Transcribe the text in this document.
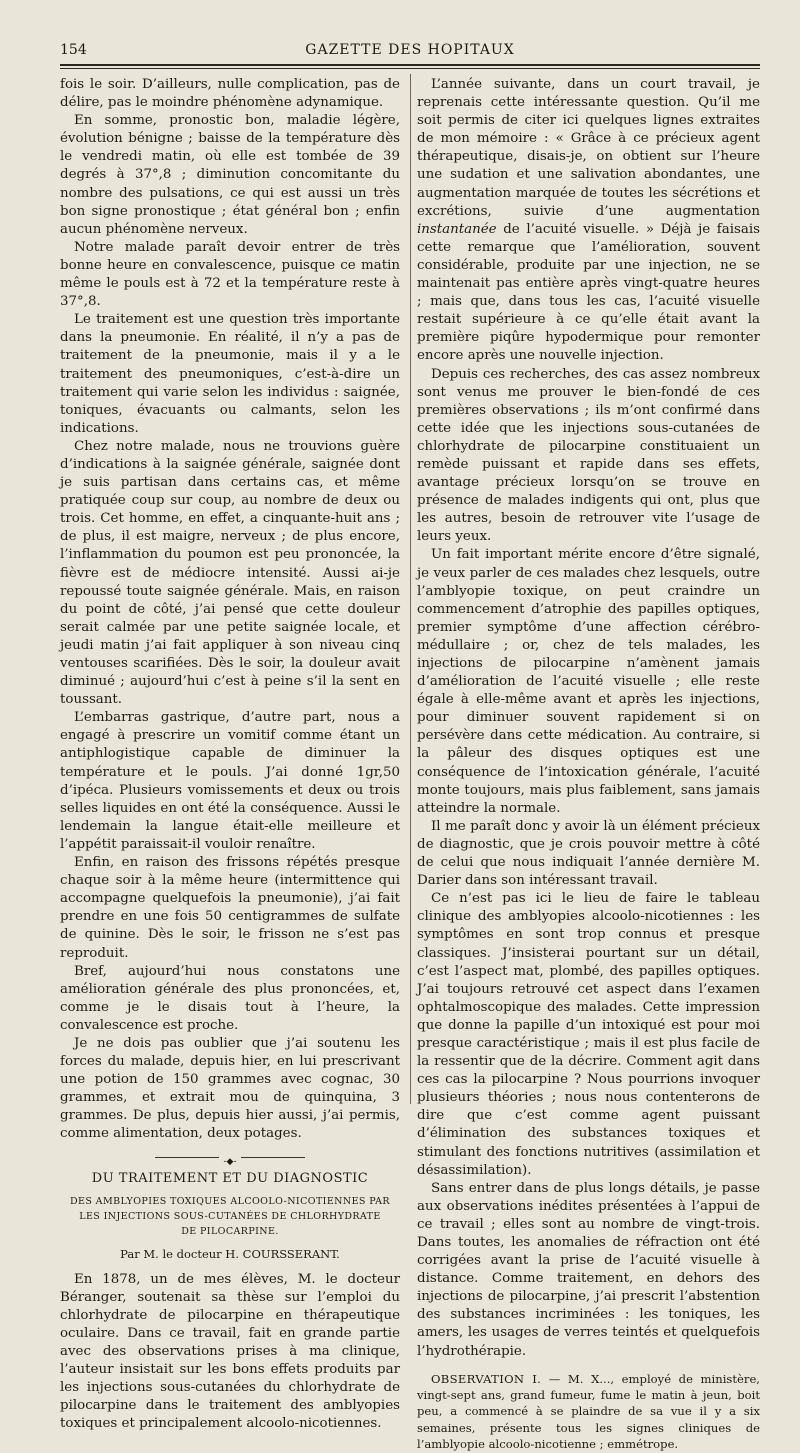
154	GAZETTE DES HOPITAUX

fois le soir. D’ailleurs, nulle complication, pas de délire, pas le moindre phénomène adynamique.

En somme, pronostic bon, maladie légère, évolution bénigne ; baisse de la température dès le vendredi matin, où elle est tombée de 39 degrés à 37°,8 ; diminution concomitante du nombre des pulsations, ce qui est aussi un très bon signe pronostique ; état général bon ; enfin aucun phénomène nerveux.

Notre malade paraît devoir entrer de très bonne heure en convalescence, puisque ce matin même le pouls est à 72 et la température reste à 37°,8.

Le traitement est une question très importante dans la pneumonie. En réalité, il n’y a pas de traitement de la pneumonie, mais il y a le traitement des pneumoniques, c’est-à-dire un traitement qui varie selon les individus : saignée, toniques, évacuants ou calmants, selon les indications.

Chez notre malade, nous ne trouvions guère d’indications à la saignée générale, saignée dont je suis partisan dans certains cas, et même pratiquée coup sur coup, au nombre de deux ou trois. Cet homme, en effet, a cinquante-huit ans ; de plus, il est maigre, nerveux ; de plus encore, l’inflammation du poumon est peu prononcée, la fièvre est de médiocre intensité. Aussi ai-je repoussé toute saignée générale. Mais, en raison du point de côté, j’ai pensé que cette douleur serait calmée par une petite saignée locale, et jeudi matin j’ai fait appliquer à son niveau cinq ventouses scarifiées. Dès le soir, la douleur avait diminué ; aujourd’hui c’est à peine s’il la sent en toussant.

L’embarras gastrique, d’autre part, nous a engagé à prescrire un vomitif comme étant un antiphlogistique capable de diminuer la température et le pouls. J’ai donné 1gr,50 d’ipéca. Plusieurs vomissements et deux ou trois selles liquides en ont été la conséquence. Aussi le lendemain la langue était-elle meilleure et l’appétit paraissait-il vouloir renaître.

Enfin, en raison des frissons répétés presque chaque soir à la même heure (intermittence qui accompagne quelquefois la pneumonie), j’ai fait prendre en une fois 50 centigrammes de sulfate de quinine. Dès le soir, le frisson ne s’est pas reproduit.

Bref, aujourd’hui nous constatons une amélioration générale des plus prononcées, et, comme je le disais tout à l’heure, la convalescence est proche.

Je ne dois pas oublier que j’ai soutenu les forces du malade, depuis hier, en lui prescrivant une potion de 150 grammes avec cognac, 30 grammes, et extrait mou de quinquina, 3 grammes. De plus, depuis hier aussi, j’ai permis, comme alimentation, deux potages.

-◆-
DU TRAITEMENT ET DU DIAGNOSTIC
DES AMBLYOPIES TOXIQUES ALCOOLO-NICOTIENNES PAR LES INJECTIONS SOUS-CUTANÉES DE CHLORHYDRATE DE PILOCARPINE.
Par M. le docteur H. COURSSERANT.

En 1878, un de mes élèves, M. le docteur Béranger, soutenait sa thèse sur l’emploi du chlorhydrate de pilocarpine en thérapeutique oculaire. Dans ce travail, fait en grande partie avec des observations prises à ma clinique, l’auteur insistait sur les bons effets produits par les injections sous-cutanées du chlorhydrate de pilocarpine dans le traitement des amblyopies toxiques et principalement alcoolo-nicotiennes.

L’année suivante, dans un court travail, je reprenais cette intéressante question. Qu’il me soit permis de citer ici quelques lignes extraites de mon mémoire : « Grâce à ce précieux agent thérapeutique, disais-je, on obtient sur l’heure une sudation et une salivation abondantes, une augmentation marquée de toutes les sécrétions et excrétions, suivie d’une augmentation instantanée de l’acuité visuelle. » Déjà je faisais cette remarque que l’amélioration, souvent considérable, produite par une injection, ne se maintenait pas entière après vingt-quatre heures ; mais que, dans tous les cas, l’acuité visuelle restait supérieure à ce qu’elle était avant la première piqûre hypodermique pour remonter encore après une nouvelle injection.

Depuis ces recherches, des cas assez nombreux sont venus me prouver le bien-fondé de ces premières observations ; ils m’ont confirmé dans cette idée que les injections sous-cutanées de chlorhydrate de pilocarpine constituaient un remède puissant et rapide dans ses effets, avantage précieux lorsqu’on se trouve en présence de malades indigents qui ont, plus que les autres, besoin de retrouver vite l’usage de leurs yeux.

Un fait important mérite encore d’être signalé, je veux parler de ces malades chez lesquels, outre l’amblyopie toxique, on peut craindre un commencement d’atrophie des papilles optiques, premier symptôme d’une affection cérébro-médullaire ; or, chez de tels malades, les injections de pilocarpine n’amènent jamais d’amélioration de l’acuité visuelle ; elle reste égale à elle-même avant et après les injections, pour diminuer souvent rapidement si on persévère dans cette médication. Au contraire, si la pâleur des disques optiques est une conséquence de l’intoxication générale, l’acuité monte toujours, mais plus faiblement, sans jamais atteindre la normale.

Il me paraît donc y avoir là un élément précieux de diagnostic, que je crois pouvoir mettre à côté de celui que nous indiquait l’année dernière M. Darier dans son intéressant travail.

Ce n’est pas ici le lieu de faire le tableau clinique des amblyopies alcoolo-nicotiennes : les symptômes en sont trop connus et presque classiques. J’insisterai pourtant sur un détail, c’est l’aspect mat, plombé, des papilles optiques. J’ai toujours retrouvé cet aspect dans l’examen ophtalmoscopique des malades. Cette impression que donne la papille d’un intoxiqué est pour moi presque caractéristique ; mais il est plus facile de la ressentir que de la décrire. Comment agit dans ces cas la pilocarpine ? Nous pourrions invoquer plusieurs théories ; nous nous contenterons de dire que c’est comme agent puissant d’élimination des substances toxiques et stimulant des fonctions nutritives (assimilation et désassimilation).

Sans entrer dans de plus longs détails, je passe aux observations inédites présentées à l’appui de ce travail ; elles sont au nombre de vingt-trois. Dans toutes, les anomalies de réfraction ont été corrigées avant la prise de l’acuité visuelle à distance. Comme traitement, en dehors des injections de pilocarpine, j’ai prescrit l’abstention des substances incriminées : les toniques, les amers, les usages de verres teintés et quelquefois l’hydrothérapie.

OBSERVATION I. — M. X..., employé de ministère, vingt-sept ans, grand fumeur, fume le matin à jeun, boit peu, a commencé à se plaindre de sa vue il y a six semaines, présente tous les signes cliniques de l’amblyopie alcoolo-nicotienne ; emmétrope.
